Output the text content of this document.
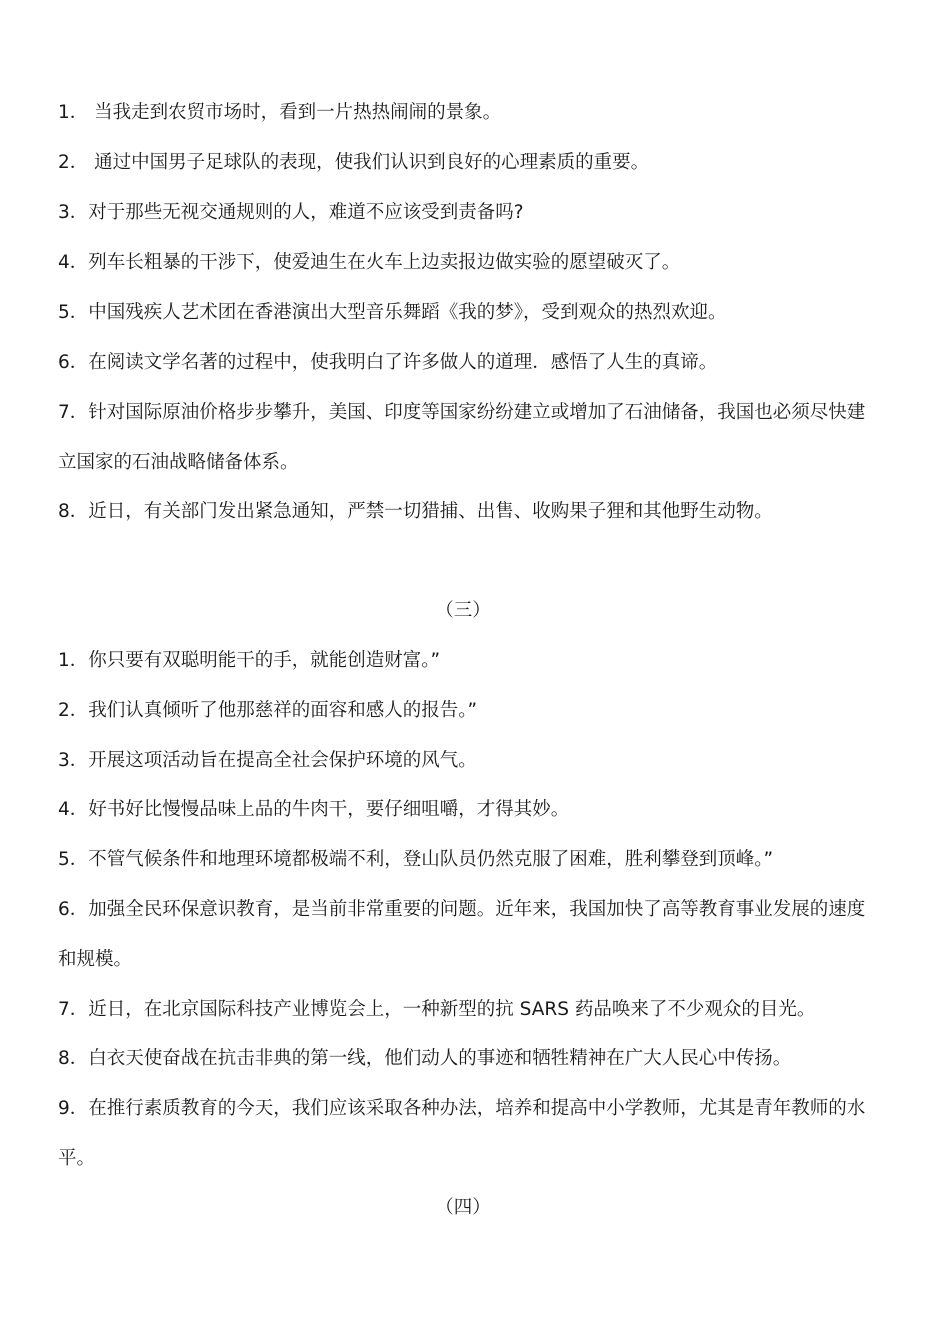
1． 当我走到农贸市场时，看到一片热热闹闹的景象。
2． 通过中国男子足球队的表现，使我们认识到良好的心理素质的重要。
3．对于那些无视交通规则的人，难道不应该受到责备吗?
4．列车长粗暴的干涉下，使爱迪生在火车上边卖报边做实验的愿望破灭了。
5．中国残疾人艺术团在香港演出大型音乐舞蹈《我的梦》，受到观众的热烈欢迎。
6．在阅读文学名著的过程中，使我明白了许多做人的道理．感悟了人生的真谛。
7．针对国际原油价格步步攀升，美国、印度等国家纷纷建立或增加了石油储备，我国也必须尽快建
立国家的石油战略储备体系。
8．近日，有关部门发出紧急通知，严禁一切猎捕、出售、收购果子狸和其他野生动物。
（三）
1．你只要有双聪明能干的手，就能创造财富。”
2．我们认真倾听了他那慈祥的面容和感人的报告。”
3．开展这项活动旨在提高全社会保护环境的风气。
4．好书好比慢慢品味上品的牛肉干，要仔细咀嚼，才得其妙。
5．不管气候条件和地理环境都极端不利，登山队员仍然克服了困难，胜利攀登到顶峰。”
6．加强全民环保意识教育，是当前非常重要的问题。近年来，我国加快了高等教育事业发展的速度
和规模。
7．近日，在北京国际科技产业博览会上，一种新型的抗 SARS 药品唤来了不少观众的目光。
8．白衣天使奋战在抗击非典的第一线，他们动人的事迹和牺牲精神在广大人民心中传扬。
9．在推行素质教育的今天，我们应该采取各种办法，培养和提高中小学教师，尤其是青年教师的水
平。
（四）
